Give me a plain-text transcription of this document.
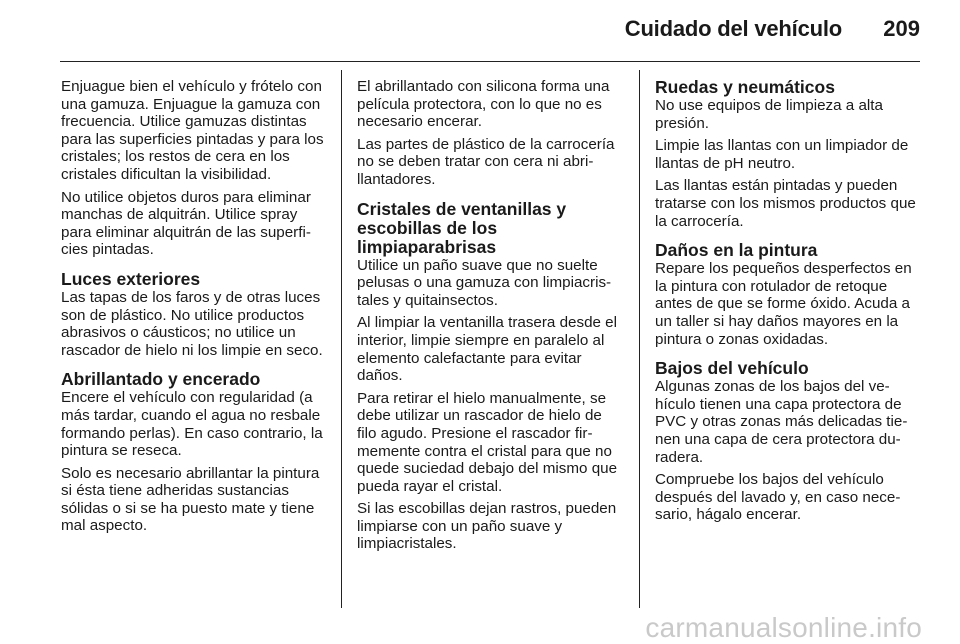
Cuidado del vehículo 209

Enjuague bien el vehículo y frótelo con una gamuza. Enjuague la gamuza con frecuencia. Utilice gamuzas distintas para las superficies pintadas y para los cristales; los restos de cera en los cristales dificultan la visibilidad.

No utilice objetos duros para eliminar manchas de alquitrán. Utilice spray para eliminar alquitrán de las superficies pintadas.

Luces exteriores

Las tapas de los faros y de otras luces son de plástico. No utilice productos abrasivos o cáusticos; no utilice un rascador de hielo ni los limpie en seco.

Abrillantado y encerado

Encere el vehículo con regularidad (a más tardar, cuando el agua no resbale formando perlas). En caso contrario, la pintura se reseca.

Solo es necesario abrillantar la pintura si ésta tiene adheridas sustancias sólidas o si se ha puesto mate y tiene mal aspecto.

El abrillantado con silicona forma una película protectora, con lo que no es necesario encerar.

Las partes de plástico de la carrocería no se deben tratar con cera ni abrillantadores.

Cristales de ventanillas y escobillas de los limpiaparabrisas

Utilice un paño suave que no suelte pelusas o una gamuza con limpiacristales y quitainsectos.

Al limpiar la ventanilla trasera desde el interior, limpie siempre en paralelo al elemento calefactante para evitar daños.

Para retirar el hielo manualmente, se debe utilizar un rascador de hielo de filo agudo. Presione el rascador firmemente contra el cristal para que no quede suciedad debajo del mismo que pueda rayar el cristal.

Si las escobillas dejan rastros, pueden limpiarse con un paño suave y limpiacristales.

Ruedas y neumáticos

No use equipos de limpieza a alta presión.

Limpie las llantas con un limpiador de llantas de pH neutro.

Las llantas están pintadas y pueden tratarse con los mismos productos que la carrocería.

Daños en la pintura

Repare los pequeños desperfectos en la pintura con rotulador de retoque antes de que se forme óxido. Acuda a un taller si hay daños mayores en la pintura o zonas oxidadas.

Bajos del vehículo

Algunas zonas de los bajos del vehículo tienen una capa protectora de PVC y otras zonas más delicadas tienen una capa de cera protectora duradera.

Compruebe los bajos del vehículo después del lavado y, en caso necesario, hágalo encerar.

carmanualsonline.info
